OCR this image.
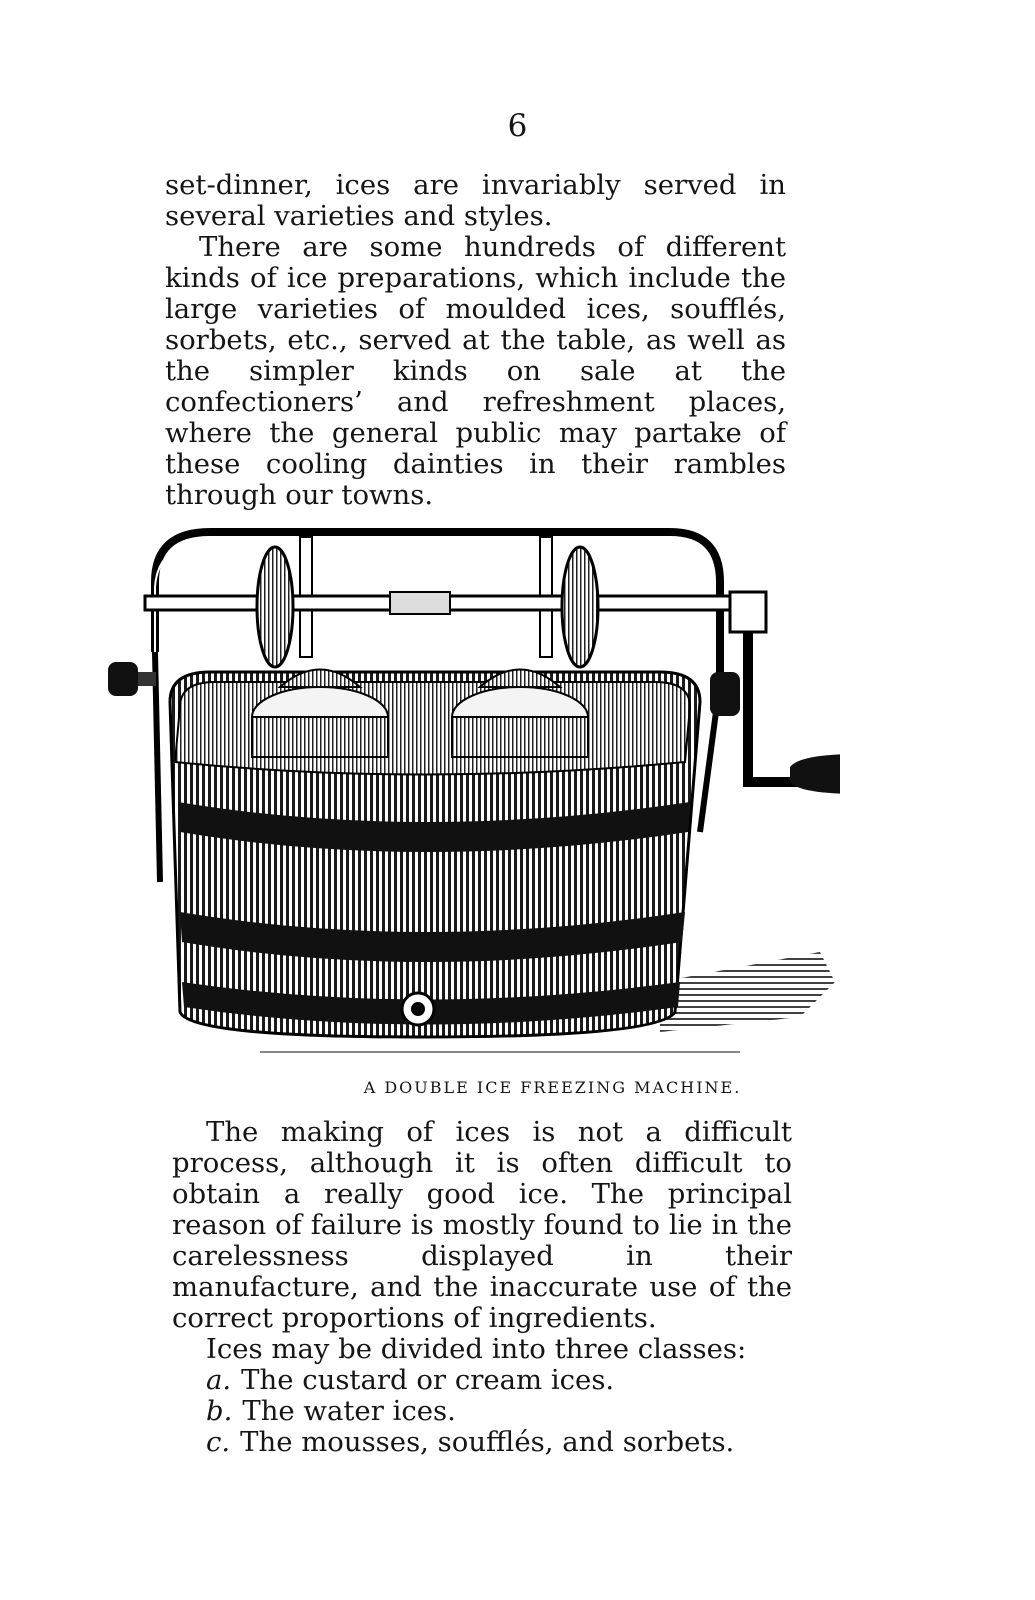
6

set-dinner, ices are invariably served in several varieties and styles.

There are some hundreds of different kinds of ice preparations, which include the large varieties of moulded ices, soufflés, sorbets, etc., served at the table, as well as the simpler kinds on sale at the confectioners’ and refreshment places, where the general public may partake of these cooling dainties in their rambles through our towns.

A DOUBLE ICE FREEZING MACHINE.

The making of ices is not a difficult process, although it is often difficult to obtain a really good ice. The principal reason of failure is mostly found to lie in the carelessness displayed in their manufacture, and the inaccurate use of the correct proportions of ingredients.

Ices may be divided into three classes:

a. The custard or cream ices.
b. The water ices.
c. The mousses, soufflés, and sorbets.
